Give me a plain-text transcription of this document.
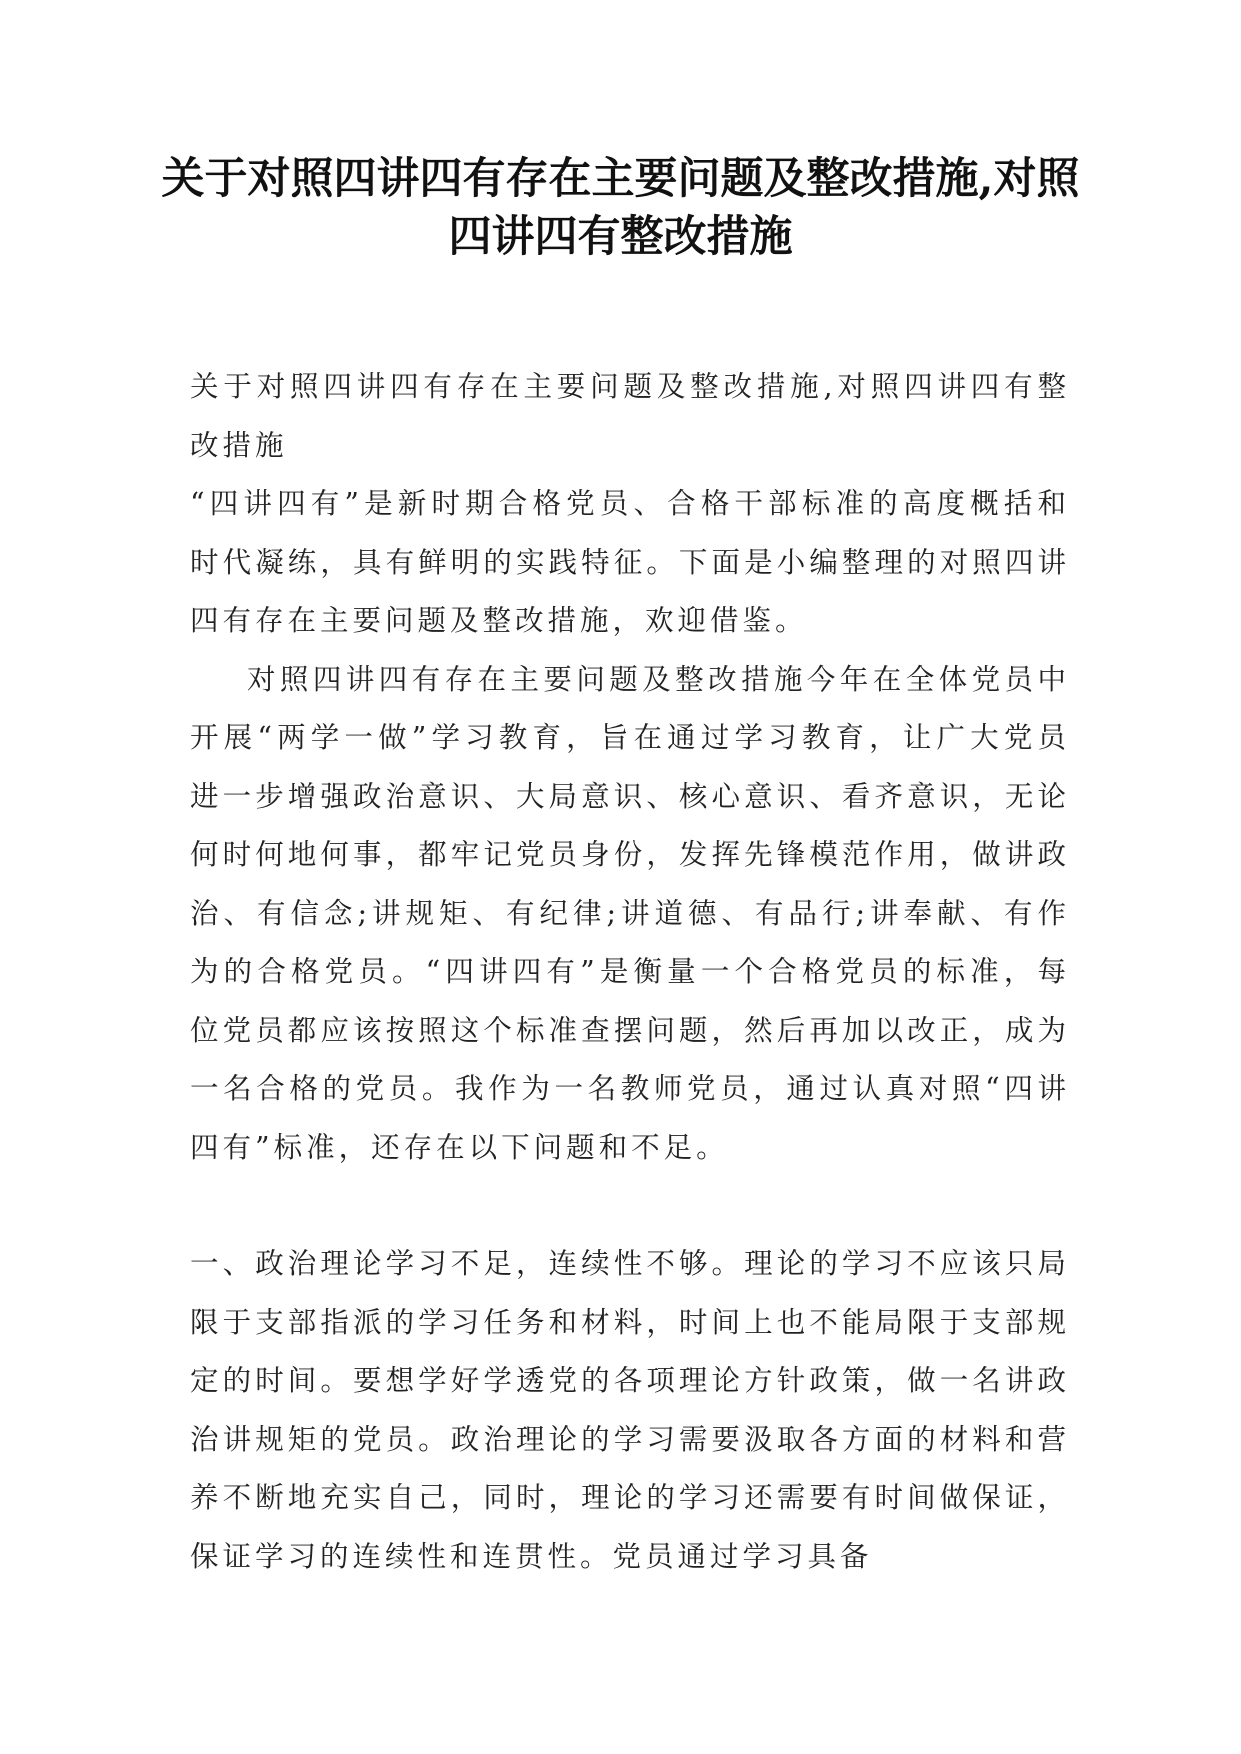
关于对照四讲四有存在主要问题及整改措施,对照四讲四有整改措施

关于对照四讲四有存在主要问题及整改措施,对照四讲四有整改措施

“四讲四有”是新时期合格党员、合格干部标准的高度概括和时代凝练，具有鲜明的实践特征。下面是小编整理的对照四讲四有存在主要问题及整改措施，欢迎借鉴。

对照四讲四有存在主要问题及整改措施今年在全体党员中开展“两学一做”学习教育，旨在通过学习教育，让广大党员进一步增强政治意识、大局意识、核心意识、看齐意识，无论何时何地何事，都牢记党员身份，发挥先锋模范作用，做讲政治、有信念;讲规矩、有纪律;讲道德、有品行;讲奉献、有作为的合格党员。“四讲四有”是衡量一个合格党员的标准，每位党员都应该按照这个标准查摆问题，然后再加以改正，成为一名合格的党员。我作为一名教师党员，通过认真对照“四讲四有”标准，还存在以下问题和不足。

一、政治理论学习不足，连续性不够。理论的学习不应该只局限于支部指派的学习任务和材料，时间上也不能局限于支部规定的时间。要想学好学透党的各项理论方针政策，做一名讲政治讲规矩的党员。政治理论的学习需要汲取各方面的材料和营养不断地充实自己，同时，理论的学习还需要有时间做保证，保证学习的连续性和连贯性。党员通过学习具备
